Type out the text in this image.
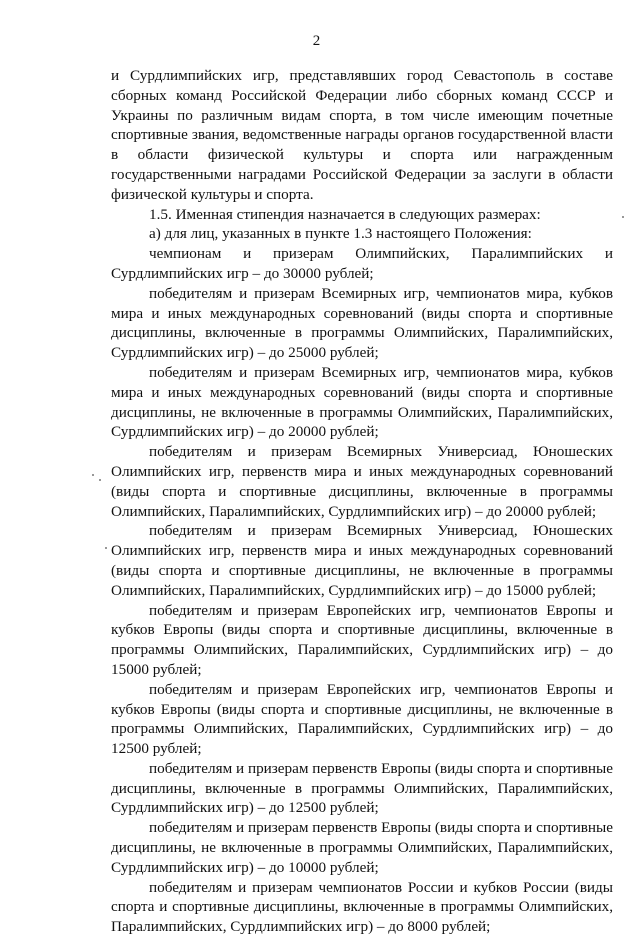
2

и Сурдлимпийских игр, представлявших город Севастополь в составе сборных команд Российской Федерации либо сборных команд СССР и Украины по различным видам спорта, в том числе имеющим почетные спортивные звания, ведомственные награды органов государственной власти в области физической культуры и спорта или награжденным государственными наградами Российской Федерации за заслуги в области физической культуры и спорта.

1.5. Именная стипендия назначается в следующих размерах:

а) для лиц, указанных в пункте 1.3 настоящего Положения:

чемпионам и призерам Олимпийских, Паралимпийских и Сурдлимпийских игр – до 30000 рублей;

победителям и призерам Всемирных игр, чемпионатов мира, кубков мира и иных международных соревнований (виды спорта и спортивные дисциплины, включенные в программы Олимпийских, Паралимпийских, Сурдлимпийских игр) – до 25000 рублей;

победителям и призерам Всемирных игр, чемпионатов мира, кубков мира и иных международных соревнований (виды спорта и спортивные дисциплины, не включенные в программы Олимпийских, Паралимпийских, Сурдлимпийских игр) – до 20000 рублей;

победителям и призерам Всемирных Универсиад, Юношеских Олимпийских игр, первенств мира и иных международных соревнований (виды спорта и спортивные дисциплины, включенные в программы Олимпийских, Паралимпийских, Сурдлимпийских игр) – до 20000 рублей;

победителям и призерам Всемирных Универсиад, Юношеских Олимпийских игр, первенств мира и иных международных соревнований (виды спорта и спортивные дисциплины, не включенные в программы Олимпийских, Паралимпийских, Сурдлимпийских игр) – до 15000 рублей;

победителям и призерам Европейских игр, чемпионатов Европы и кубков Европы (виды спорта и спортивные дисциплины, включенные в программы Олимпийских, Паралимпийских, Сурдлимпийских игр) – до 15000 рублей;

победителям и призерам Европейских игр, чемпионатов Европы и кубков Европы (виды спорта и спортивные дисциплины, не включенные в программы Олимпийских, Паралимпийских, Сурдлимпийских игр) – до 12500 рублей;

победителям и призерам первенств Европы (виды спорта и спортивные дисциплины, включенные в программы Олимпийских, Паралимпийских, Сурдлимпийских игр) – до 12500 рублей;

победителям и призерам первенств Европы (виды спорта и спортивные дисциплины, не включенные в программы Олимпийских, Паралимпийских, Сурдлимпийских игр) – до 10000 рублей;

победителям и призерам чемпионатов России и кубков России (виды спорта и спортивные дисциплины, включенные в программы Олимпийских, Паралимпийских, Сурдлимпийских игр) – до 8000 рублей;
